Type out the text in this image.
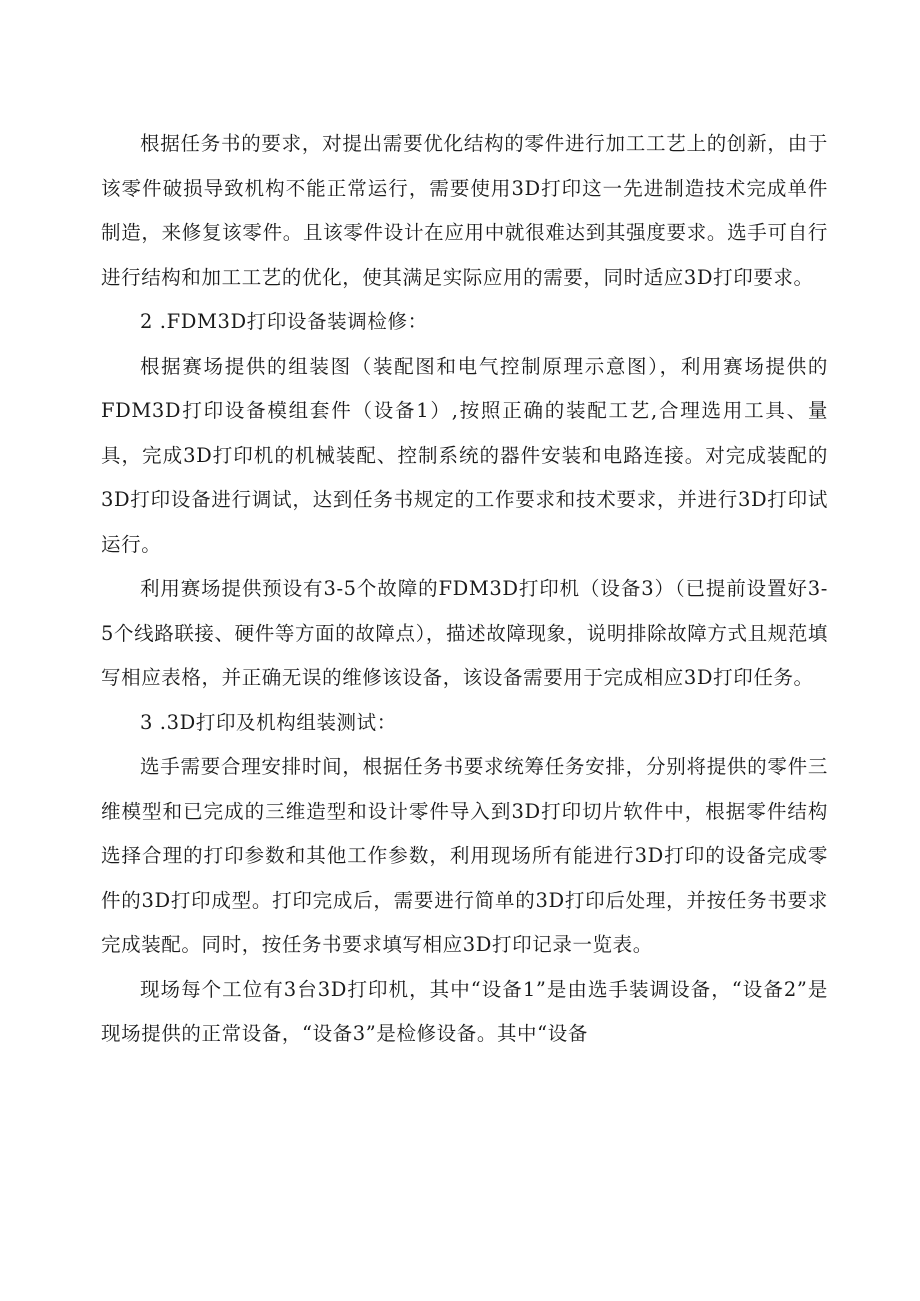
根据任务书的要求，对提出需要优化结构的零件进行加工工艺上的创新，由于该零件破损导致机构不能正常运行，需要使用3D打印这一先进制造技术完成单件制造，来修复该零件。且该零件设计在应用中就很难达到其强度要求。选手可自行进行结构和加工工艺的优化，使其满足实际应用的需要，同时适应3D打印要求。

2 .FDM3D打印设备装调检修：

根据赛场提供的组装图（装配图和电气控制原理示意图），利用赛场提供的FDM3D打印设备模组套件（设备1）,按照正确的装配工艺,合理选用工具、量具，完成3D打印机的机械装配、控制系统的器件安装和电路连接。对完成装配的3D打印设备进行调试，达到任务书规定的工作要求和技术要求，并进行3D打印试运行。

利用赛场提供预设有3-5个故障的FDM3D打印机（设备3）（已提前设置好3-5个线路联接、硬件等方面的故障点），描述故障现象，说明排除故障方式且规范填写相应表格，并正确无误的维修该设备，该设备需要用于完成相应3D打印任务。

3 .3D打印及机构组装测试：

选手需要合理安排时间，根据任务书要求统筹任务安排，分别将提供的零件三维模型和已完成的三维造型和设计零件导入到3D打印切片软件中，根据零件结构选择合理的打印参数和其他工作参数，利用现场所有能进行3D打印的设备完成零件的3D打印成型。打印完成后，需要进行简单的3D打印后处理，并按任务书要求完成装配。同时，按任务书要求填写相应3D打印记录一览表。

现场每个工位有3台3D打印机，其中“设备1”是由选手装调设备，“设备2”是现场提供的正常设备，“设备3”是检修设备。其中“设备
